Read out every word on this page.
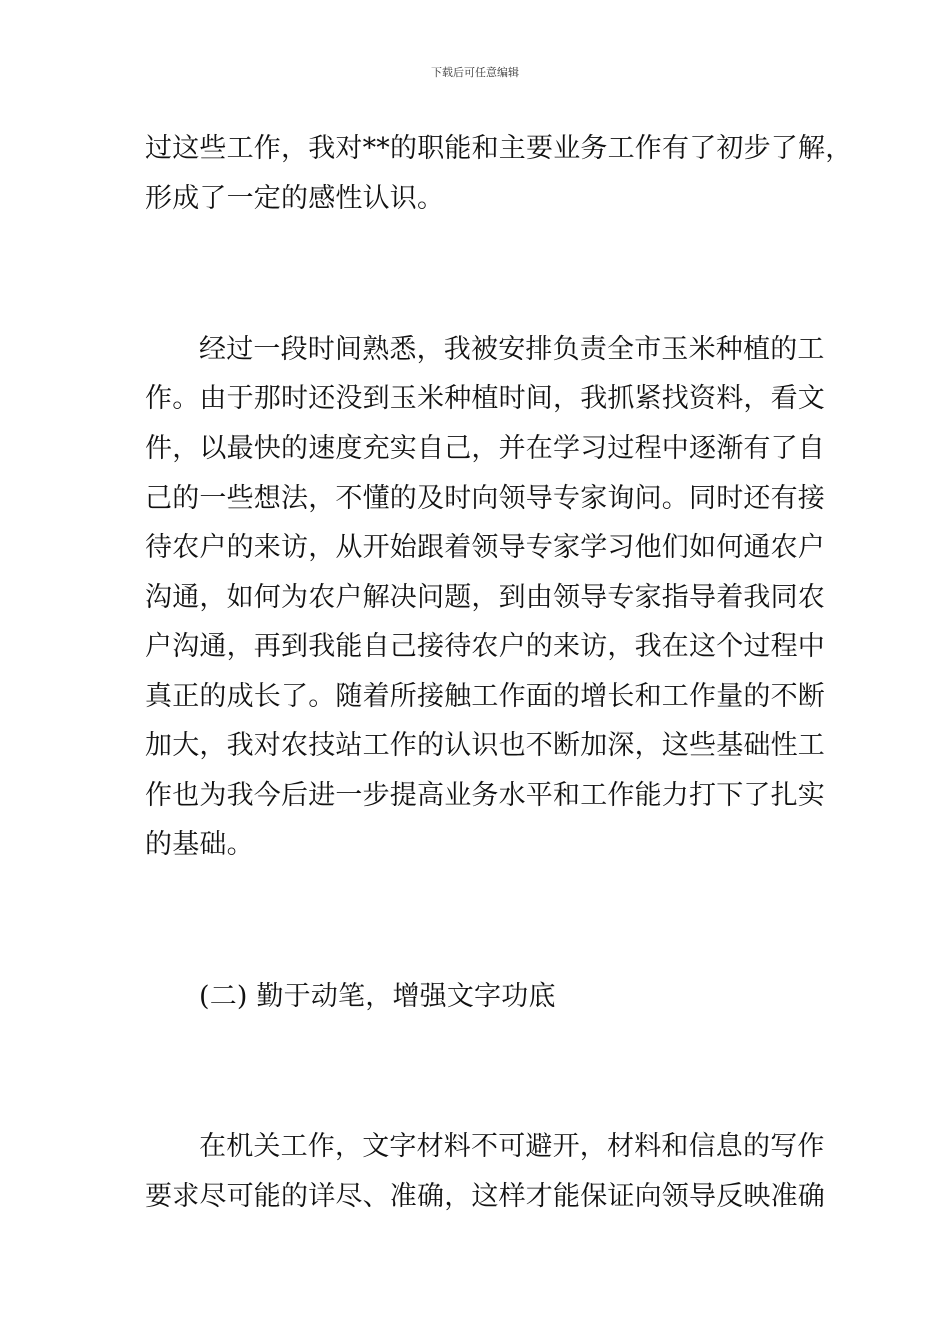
下载后可任意编辑
过这些工作，我对**的职能和主要业务工作有了初步了解，
形成了一定的感性认识。
经过一段时间熟悉，我被安排负责全市玉米种植的工
作。由于那时还没到玉米种植时间，我抓紧找资料，看文
件，以最快的速度充实自己，并在学习过程中逐渐有了自
己的一些想法，不懂的及时向领导专家询问。同时还有接
待农户的来访，从开始跟着领导专家学习他们如何通农户
沟通，如何为农户解决问题，到由领导专家指导着我同农
户沟通，再到我能自己接待农户的来访，我在这个过程中
真正的成长了。随着所接触工作面的增长和工作量的不断
加大，我对农技站工作的认识也不断加深，这些基础性工
作也为我今后进一步提高业务水平和工作能力打下了扎实
的基础。
(二) 勤于动笔，增强文字功底
在机关工作，文字材料不可避开，材料和信息的写作
要求尽可能的详尽、准确，这样才能保证向领导反映准确
